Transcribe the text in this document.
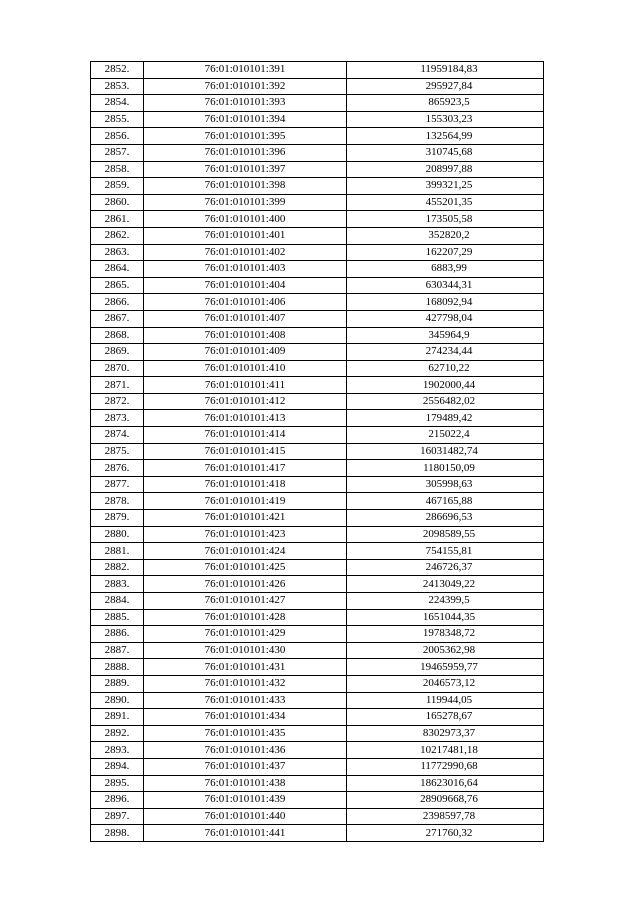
2852.	76:01:010101:391	11959184,83
2853.	76:01:010101:392	295927,84
2854.	76:01:010101:393	865923,5
2855.	76:01:010101:394	155303,23
2856.	76:01:010101:395	132564,99
2857.	76:01:010101:396	310745,68
2858.	76:01:010101:397	208997,88
2859.	76:01:010101:398	399321,25
2860.	76:01:010101:399	455201,35
2861.	76:01:010101:400	173505,58
2862.	76:01:010101:401	352820,2
2863.	76:01:010101:402	162207,29
2864.	76:01:010101:403	6883,99
2865.	76:01:010101:404	630344,31
2866.	76:01:010101:406	168092,94
2867.	76:01:010101:407	427798,04
2868.	76:01:010101:408	345964,9
2869.	76:01:010101:409	274234,44
2870.	76:01:010101:410	62710,22
2871.	76:01:010101:411	1902000,44
2872.	76:01:010101:412	2556482,02
2873.	76:01:010101:413	179489,42
2874.	76:01:010101:414	215022,4
2875.	76:01:010101:415	16031482,74
2876.	76:01:010101:417	1180150,09
2877.	76:01:010101:418	305998,63
2878.	76:01:010101:419	467165,88
2879.	76:01:010101:421	286696,53
2880.	76:01:010101:423	2098589,55
2881.	76:01:010101:424	754155,81
2882.	76:01:010101:425	246726,37
2883.	76:01:010101:426	2413049,22
2884.	76:01:010101:427	224399,5
2885.	76:01:010101:428	1651044,35
2886.	76:01:010101:429	1978348,72
2887.	76:01:010101:430	2005362,98
2888.	76:01:010101:431	19465959,77
2889.	76:01:010101:432	2046573,12
2890.	76:01:010101:433	119944,05
2891.	76:01:010101:434	165278,67
2892.	76:01:010101:435	8302973,37
2893.	76:01:010101:436	10217481,18
2894.	76:01:010101:437	11772990,68
2895.	76:01:010101:438	18623016,64
2896.	76:01:010101:439	28909668,76
2897.	76:01:010101:440	2398597,78
2898.	76:01:010101:441	271760,32
